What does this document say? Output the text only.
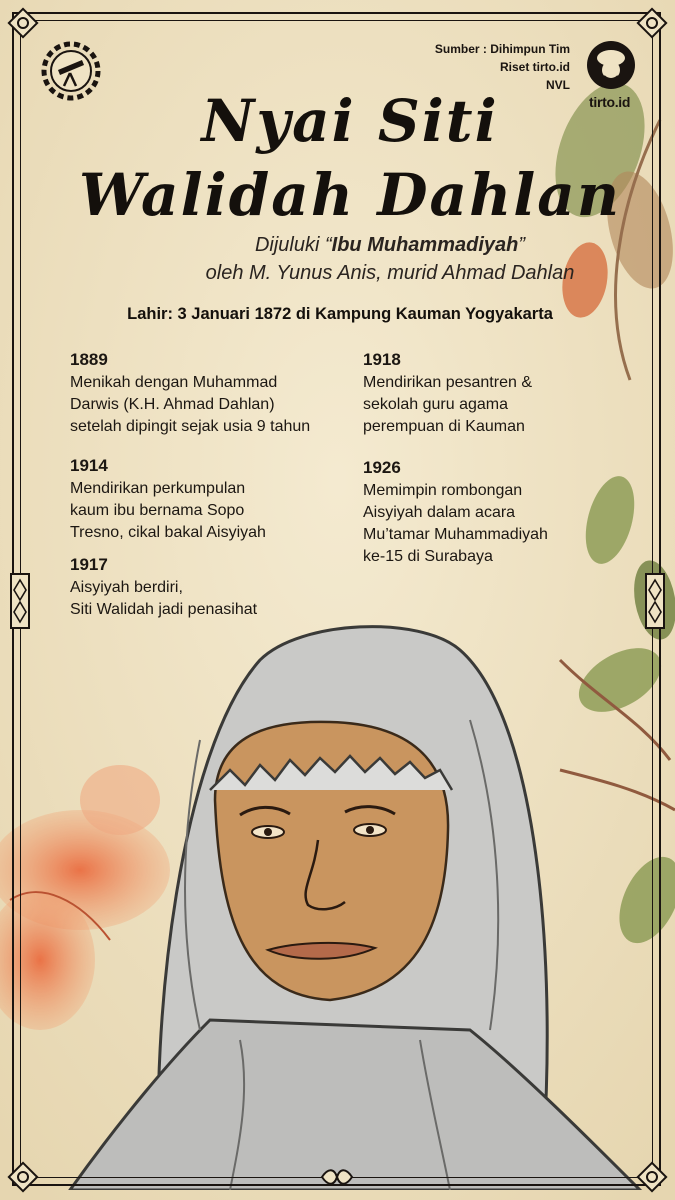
Sumber : Dihimpun Tim
Riset tirto.id
NVL
tirto.id
Nyai Siti
Walidah Dahlan
Dijuluki “Ibu Muhammadiyah”
oleh M. Yunus Anis, murid Ahmad Dahlan
Lahir: 3 Januari 1872 di Kampung Kauman Yogyakarta
1889
Menikah dengan Muhammad
Darwis (K.H. Ahmad Dahlan)
setelah dipingit sejak usia 9 tahun
1914
Mendirikan perkumpulan
kaum ibu bernama Sopo
Tresno, cikal bakal Aisyiyah
1917
Aisyiyah berdiri,
Siti Walidah jadi penasihat
1918
Mendirikan pesantren &
sekolah guru agama
perempuan di Kauman
1926
Memimpin rombongan
Aisyiyah dalam acara
Mu’tamar Muhammadiyah
ke-15 di Surabaya
